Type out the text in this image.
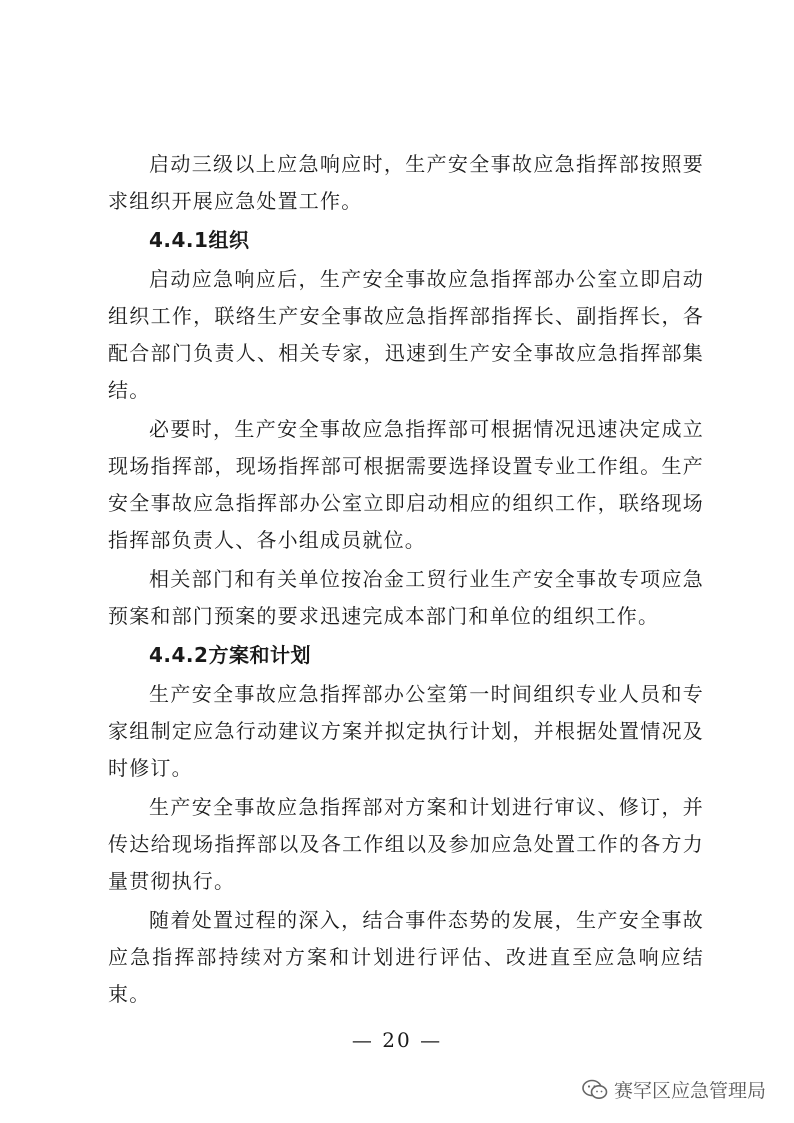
启动三级以上应急响应时，生产安全事故应急指挥部按照要求组织开展应急处置工作。

4.4.1组织

启动应急响应后，生产安全事故应急指挥部办公室立即启动组织工作，联络生产安全事故应急指挥部指挥长、副指挥长，各配合部门负责人、相关专家，迅速到生产安全事故应急指挥部集结。

必要时，生产安全事故应急指挥部可根据情况迅速决定成立现场指挥部，现场指挥部可根据需要选择设置专业工作组。生产安全事故应急指挥部办公室立即启动相应的组织工作，联络现场指挥部负责人、各小组成员就位。

相关部门和有关单位按冶金工贸行业生产安全事故专项应急预案和部门预案的要求迅速完成本部门和单位的组织工作。

4.4.2方案和计划

生产安全事故应急指挥部办公室第一时间组织专业人员和专家组制定应急行动建议方案并拟定执行计划，并根据处置情况及时修订。

生产安全事故应急指挥部对方案和计划进行审议、修订，并传达给现场指挥部以及各工作组以及参加应急处置工作的各方力量贯彻执行。

随着处置过程的深入，结合事件态势的发展，生产安全事故应急指挥部持续对方案和计划进行评估、改进直至应急响应结束。

— 20 —
赛罕区应急管理局
